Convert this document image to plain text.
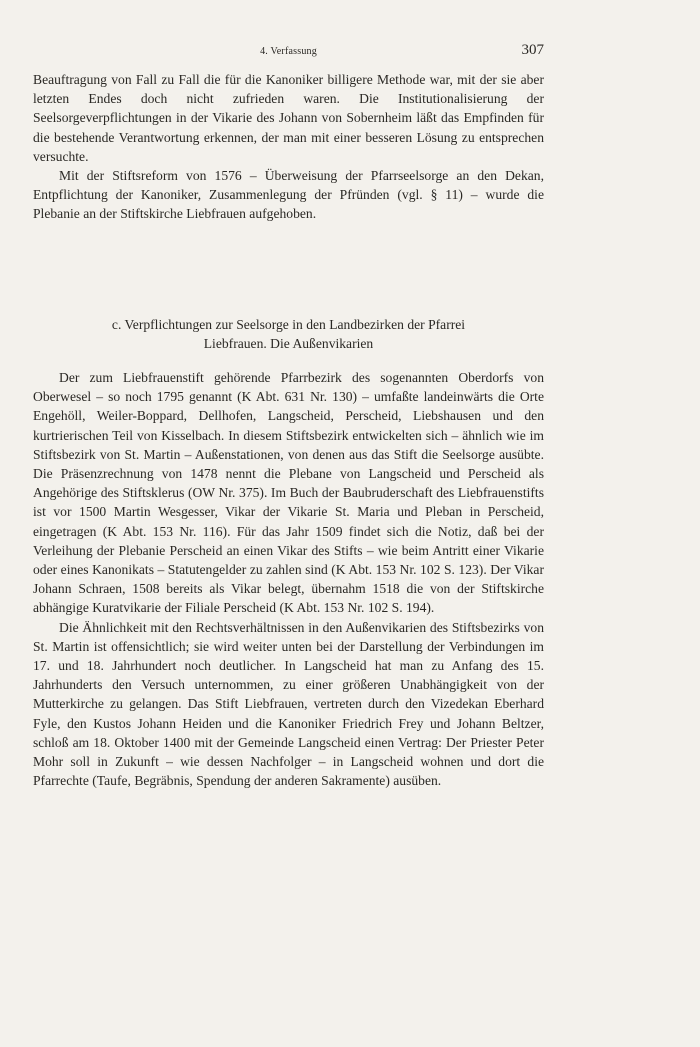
4. Verfassung	307

Beauftragung von Fall zu Fall die für die Kanoniker billigere Methode war, mit der sie aber letzten Endes doch nicht zufrieden waren. Die Institutionalisierung der Seelsorgeverpflichtungen in der Vikarie des Johann von Sobernheim läßt das Empfinden für die bestehende Verantwortung erkennen, der man mit einer besseren Lösung zu entsprechen versuchte.

Mit der Stiftsreform von 1576 – Überweisung der Pfarrseelsorge an den Dekan, Entpflichtung der Kanoniker, Zusammenlegung der Pfründen (vgl. § 11) – wurde die Plebanie an der Stiftskirche Liebfrauen aufgehoben.

c. Verpflichtungen zur Seelsorge in den Landbezirken der Pfarrei
Liebfrauen. Die Außenvikarien

Der zum Liebfrauenstift gehörende Pfarrbezirk des sogenannten Oberdorfs von Oberwesel – so noch 1795 genannt (K Abt. 631 Nr. 130) – umfaßte landeinwärts die Orte Engehöll, Weiler-Boppard, Dellhofen, Langscheid, Perscheid, Liebshausen und den kurtrierischen Teil von Kisselbach. In diesem Stiftsbezirk entwickelten sich – ähnlich wie im Stiftsbezirk von St. Martin – Außenstationen, von denen aus das Stift die Seelsorge ausübte. Die Präsenzrechnung von 1478 nennt die Plebane von Langscheid und Perscheid als Angehörige des Stiftsklerus (OW Nr. 375). Im Buch der Baubruderschaft des Liebfrauenstifts ist vor 1500 Martin Wesgesser, Vikar der Vikarie St. Maria und Pleban in Perscheid, eingetragen (K Abt. 153 Nr. 116). Für das Jahr 1509 findet sich die Notiz, daß bei der Verleihung der Plebanie Perscheid an einen Vikar des Stifts – wie beim Antritt einer Vikarie oder eines Kanonikats – Statutengelder zu zahlen sind (K Abt. 153 Nr. 102 S. 123). Der Vikar Johann Schraen, 1508 bereits als Vikar belegt, übernahm 1518 die von der Stiftskirche abhängige Kuratvikarie der Filiale Perscheid (K Abt. 153 Nr. 102 S. 194).

Die Ähnlichkeit mit den Rechtsverhältnissen in den Außenvikarien des Stiftsbezirks von St. Martin ist offensichtlich; sie wird weiter unten bei der Darstellung der Verbindungen im 17. und 18. Jahrhundert noch deutlicher. In Langscheid hat man zu Anfang des 15. Jahrhunderts den Versuch unternommen, zu einer größeren Unabhängigkeit von der Mutterkirche zu gelangen. Das Stift Liebfrauen, vertreten durch den Vizedekan Eberhard Fyle, den Kustos Johann Heiden und die Kanoniker Friedrich Frey und Johann Beltzer, schloß am 18. Oktober 1400 mit der Gemeinde Langscheid einen Vertrag: Der Priester Peter Mohr soll in Zukunft – wie dessen Nachfolger – in Langscheid wohnen und dort die Pfarrechte (Taufe, Begräbnis, Spendung der anderen Sakramente) ausüben.
